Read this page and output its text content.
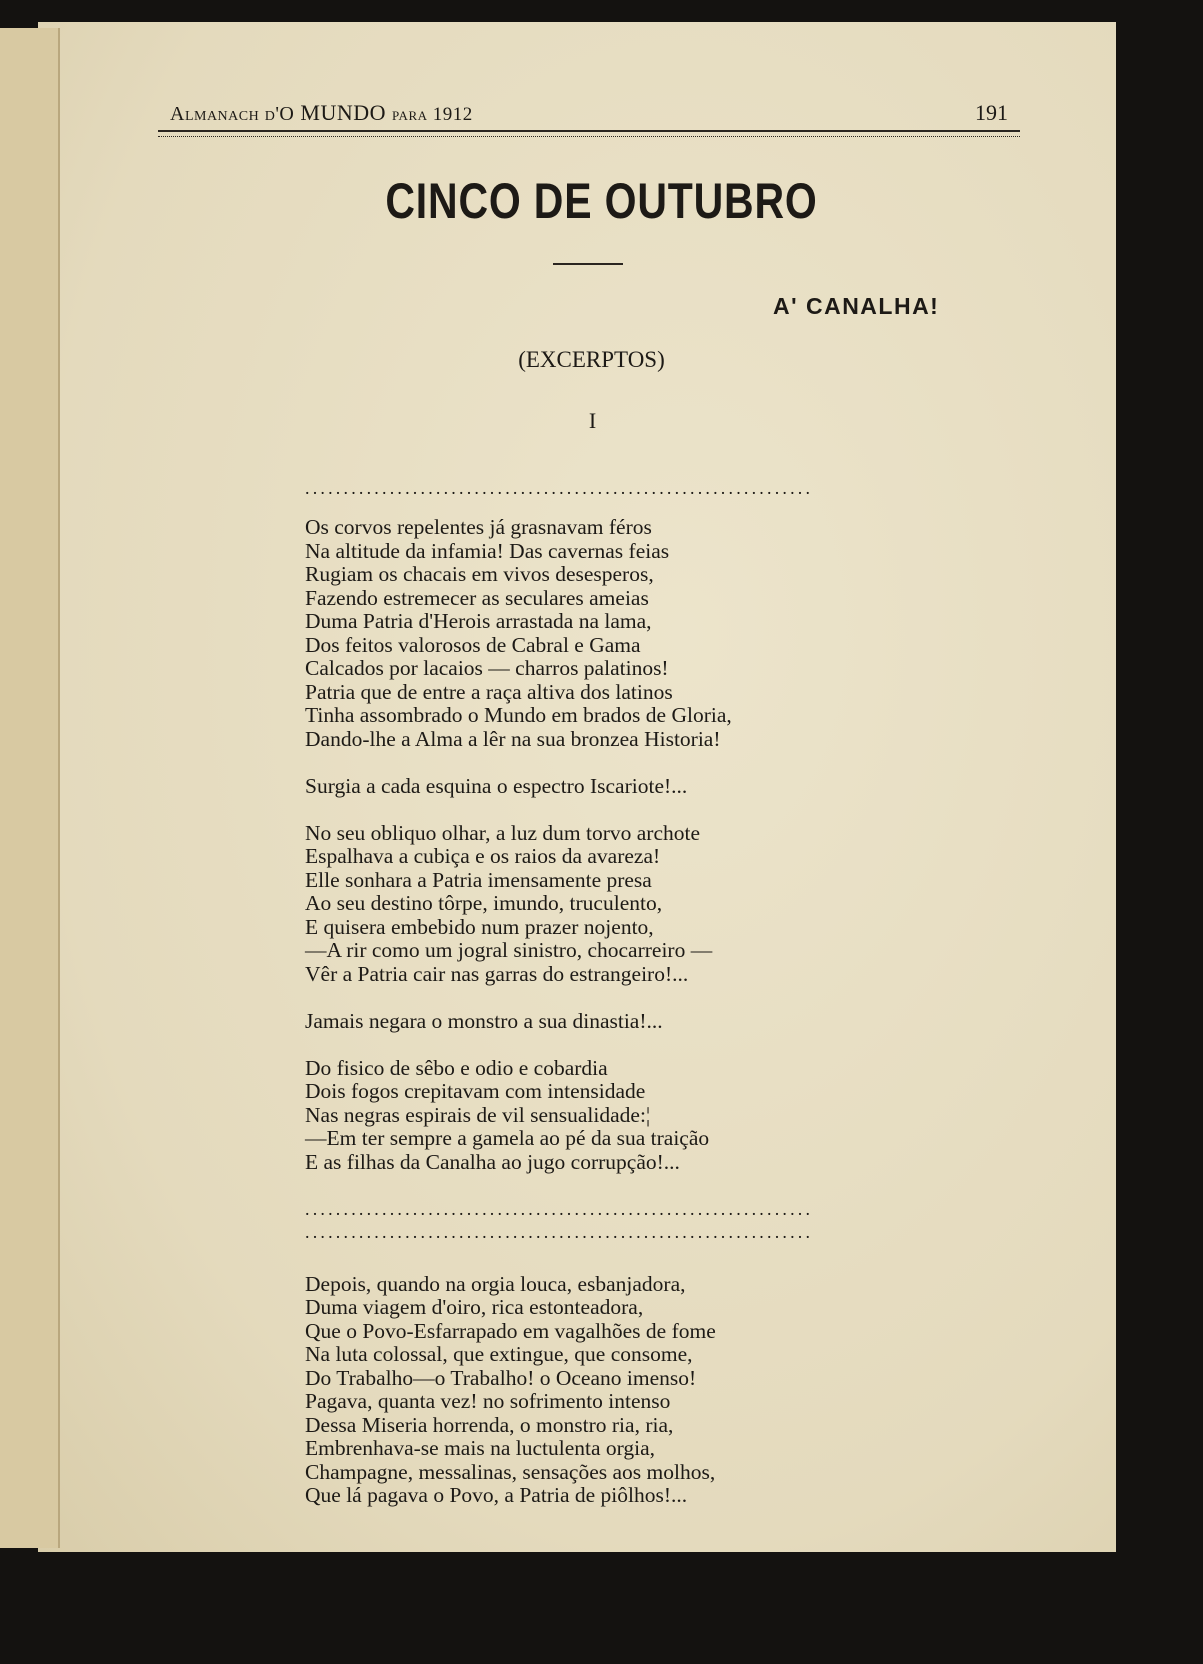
Almanach d'O MUNDO para 1912	191
CINCO DE OUTUBRO
A' CANALHA!
(EXCERPTOS)
I
..................................................................
Os corvos repelentes já grasnavam féros
Na altitude da infamia! Das cavernas feias
Rugiam os chacais em vivos desesperos,
Fazendo estremecer as seculares ameias
Duma Patria d'Herois arrastada na lama,
Dos feitos valorosos de Cabral e Gama
Calcados por lacaios — charros palatinos!
Patria que de entre a raça altiva dos latinos
Tinha assombrado o Mundo em brados de Gloria,
Dando-lhe a Alma a lêr na sua bronzea Historia!
Surgia a cada esquina o espectro Iscariote!...
No seu obliquo olhar, a luz dum torvo archote
Espalhava a cubiça e os raios da avareza!
Elle sonhara a Patria imensamente presa
Ao seu destino tôrpe, imundo, truculento,
E quisera embebido num prazer nojento,
—A rir como um jogral sinistro, chocarreiro —
Vêr a Patria cair nas garras do estrangeiro!...
Jamais negara o monstro a sua dinastia!...
Do fisico de sêbo e odio e cobardia
Dois fogos crepitavam com intensidade
Nas negras espirais de vil sensualidade:¦
—Em ter sempre a gamela ao pé da sua traição
E as filhas da Canalha ao jugo corrupção!...
..................................................................
..................................................................
Depois, quando na orgia louca, esbanjadora,
Duma viagem d'oiro, rica estonteadora,
Que o Povo-Esfarrapado em vagalhões de fome
Na luta colossal, que extingue, que consome,
Do Trabalho—o Trabalho! o Oceano imenso!
Pagava, quanta vez! no sofrimento intenso
Dessa Miseria horrenda, o monstro ria, ria,
Embrenhava-se mais na luctulenta orgia,
Champagne, messalinas, sensações aos molhos,
Que lá pagava o Povo, a Patria de piôlhos!...
